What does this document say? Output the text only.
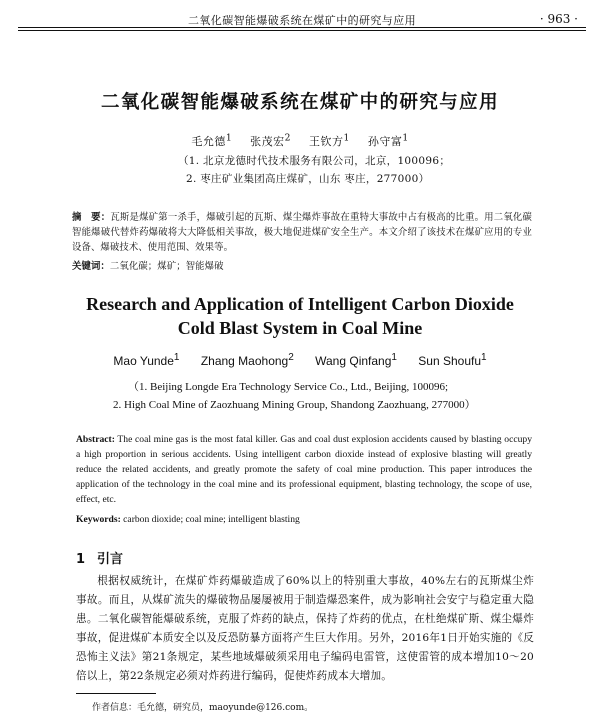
二氧化碳智能爆破系统在煤矿中的研究与应用	· 963 ·
二氧化碳智能爆破系统在煤矿中的研究与应用
毛允德$^1$ 张茂宏$^2$ 王钦方$^1$ 孙守富$^1$
（1. 北京龙德时代技术服务有限公司，北京，100096；
2. 枣庄矿业集团高庄煤矿，山东 枣庄，277000）
摘　要：瓦斯是煤矿第一杀手，爆破引起的瓦斯、煤尘爆炸事故在重特大事故中占有极高的比重。用二氧化碳智能爆破代替炸药爆破将大大降低相关事故，极大地促进煤矿安全生产。本文介绍了该技术在煤矿应用的专业设备、爆破技术、使用范围、效果等。
关键词：二氧化碳；煤矿；智能爆破
Research and Application of Intelligent Carbon Dioxide
Cold Blast System in Coal Mine
Mao Yunde$^1$ Zhang Maohong$^2$ Wang Qinfang$^1$ Sun Shoufu$^1$
（1. Beijing Longde Era Technology Service Co., Ltd., Beijing, 100096;
2. High Coal Mine of Zaozhuang Mining Group, Shandong Zaozhuang, 277000）
Abstract: The coal mine gas is the most fatal killer. Gas and coal dust explosion accidents caused by blasting occupy a high proportion in serious accidents. Using intelligent carbon dioxide instead of explosive blasting will greatly reduce the related accidents, and greatly promote the safety of coal mine production. This paper introduces the application of the technology in the coal mine and its professional equipment, blasting technology, the scope of use, effect, etc.
Keywords: carbon dioxide; coal mine; intelligent blasting
1 引言
根据权威统计，在煤矿炸药爆破造成了60%以上的特别重大事故，40%左右的瓦斯煤尘炸事故。而且，从煤矿流失的爆破物品屡屡被用于制造爆恐案件，成为影响社会安宁与稳定重大隐患。二氧化碳智能爆破系统，克服了炸药的缺点，保持了炸药的优点，在杜绝煤矿斯、煤尘爆炸事故，促进煤矿本质安全以及反恐防暴方面将产生巨大作用。另外，2016年1日开始实施的《反恐怖主义法》第21条规定，某些地域爆破须采用电子编码电雷管，这使雷管的成本增加10～20倍以上，第22条规定必须对炸药进行编码，促使炸药成本大增加。
作者信息：毛允德，研究员，maoyunde@126.com。
